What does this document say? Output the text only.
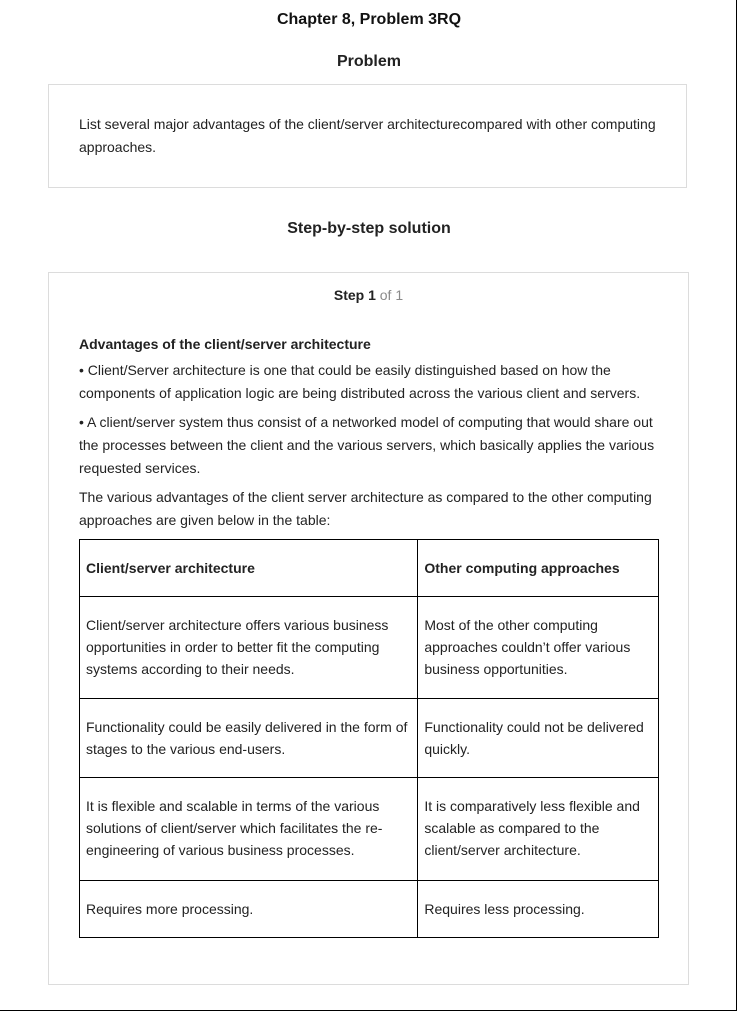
Chapter 8, Problem 3RQ
Problem
List several major advantages of the client/server architecturecompared with other computing approaches.
Step-by-step solution
Step 1 of 1
Advantages of the client/server architecture

• Client/Server architecture is one that could be easily distinguished based on how the components of application logic are being distributed across the various client and servers.

• A client/server system thus consist of a networked model of computing that would share out the processes between the client and the various servers, which basically applies the various requested services.

The various advantages of the client server architecture as compared to the other computing approaches are given below in the table:

Client/server architecture	Other computing approaches
Client/server architecture offers various business opportunities in order to better fit the computing systems according to their needs.	Most of the other computing approaches couldn’t offer various business opportunities.
Functionality could be easily delivered in the form of stages to the various end-users.	Functionality could not be delivered quickly.
It is flexible and scalable in terms of the various solutions of client/server which facilitates the re-engineering of various business processes.	It is comparatively less flexible and scalable as compared to the client/server architecture.
Requires more processing.	Requires less processing.
